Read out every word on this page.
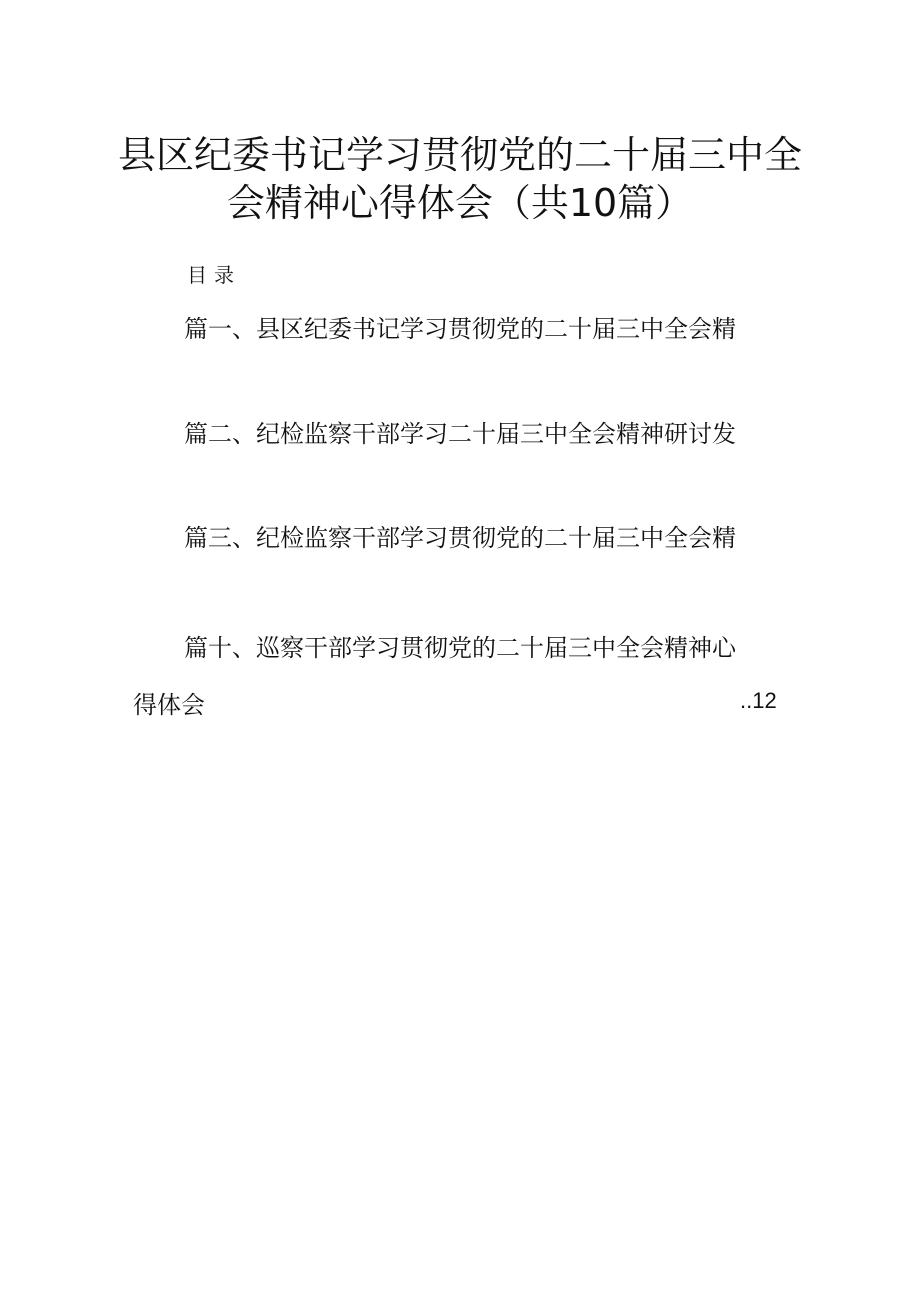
县区纪委书记学习贯彻党的二十届三中全
会精神心得体会（共10篇）
目录
篇一、县区纪委书记学习贯彻党的二十届三中全会精
篇二、纪检监察干部学习二十届三中全会精神研讨发
篇三、纪检监察干部学习贯彻党的二十届三中全会精
篇十、巡察干部学习贯彻党的二十届三中全会精神心
得体会	..12
